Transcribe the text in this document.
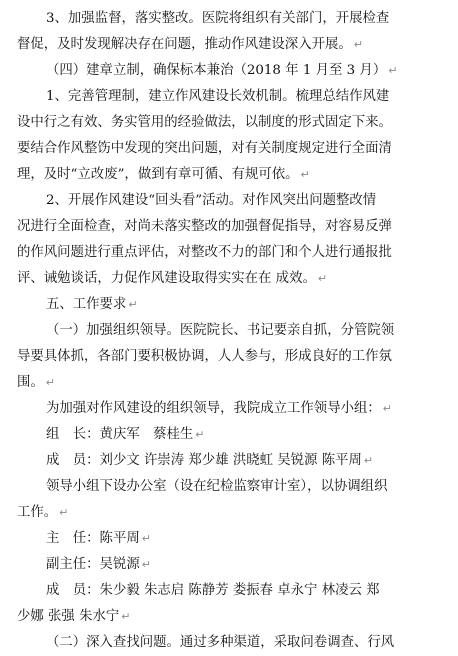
3、加强监督，落实整改。医院将组织有关部门，开展检查
督促，及时发现解决存在问题，推动作风建设深入开展。 ↵
（四）建章立制，确保标本兼治（2018 年 1 月至 3 月） ↵
1、完善管理制，建立作风建设长效机制。梳理总结作风建
设中行之有效、务实管用的经验做法，以制度的形式固定下来。
要结合作风整饬中发现的突出问题，对有关制度规定进行全面清
理，及时“立改废”，做到有章可循、有规可依。 ↵
2、开展作风建设“回头看”活动。对作风突出问题整改情
况进行全面检查，对尚未落实整改的加强督促指导，对容易反弹
的作风问题进行重点评估，对整改不力的部门和个人进行通报批
评、诫勉谈话，力促作风建设取得实实在在 成效。 ↵
五、工作要求 ↵
（一）加强组织领导。医院院长、书记要亲自抓，分管院领
导要具体抓，各部门要积极协调，人人参与，形成良好的工作氛
围。 ↵
为加强对作风建设的组织领导，我院成立工作领导小组： ↵
组　长：黄庆军　蔡桂生 ↵
成　员：刘少文 许崇涛 郑少雄 洪晓虹 吴锐源 陈平周 ↵
领导小组下设办公室（设在纪检监察审计室），以协调组织
工作。 ↵
主　任：陈平周 ↵
副主任：吴锐源 ↵
成　员：朱少毅 朱志启 陈静芳 娄振春 卓永宁 林凌云 郑
少娜 张强 朱水宁 ↵
（二）深入查找问题。通过多种渠道，采取问卷调查、行风
